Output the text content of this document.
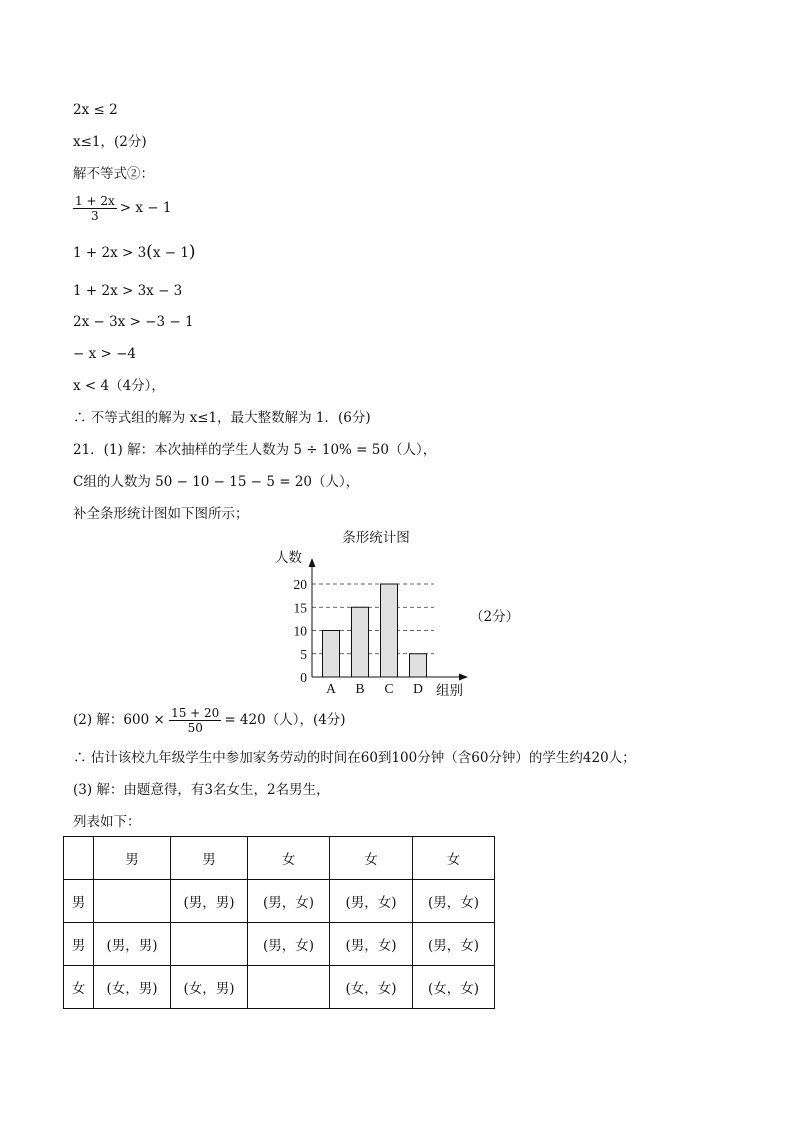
2x ≤ 2
x≤1，(2分)
解不等式②：
$\frac{1 + 2x}{3} > x - 1$
1 + 2x > 3(x − 1)
1 + 2x > 3x − 3
2x − 3x > −3 − 1
− x > −4
x < 4（4分），
∴ 不等式组的解为 x≤1，最大整数解为 1．(6分)
21．(1) 解：本次抽样的学生人数为 5 ÷ 10% = 50（人），
C组的人数为 50 − 10 − 15 − 5 = 20（人），
补全条形统计图如下图所示；
条形统计图
人数
A B C D
0
5
10
15
20
组别
（2分）
(2) 解：$600 \times \frac{15 + 20}{50} = 420$（人），(4分)
∴ 估计该校九年级学生中参加家务劳动的时间在60到100分钟（含60分钟）的学生约420人；
(3) 解：由题意得，有3名女生，2名男生，
列表如下：
	男	男	女	女	女
男		(男，男)	(男，女)	(男，女)	(男，女)
男	(男，男)		(男，女)	(男，女)	(男，女)
女	(女，男)	(女，男)		(女，女)	(女，女)
